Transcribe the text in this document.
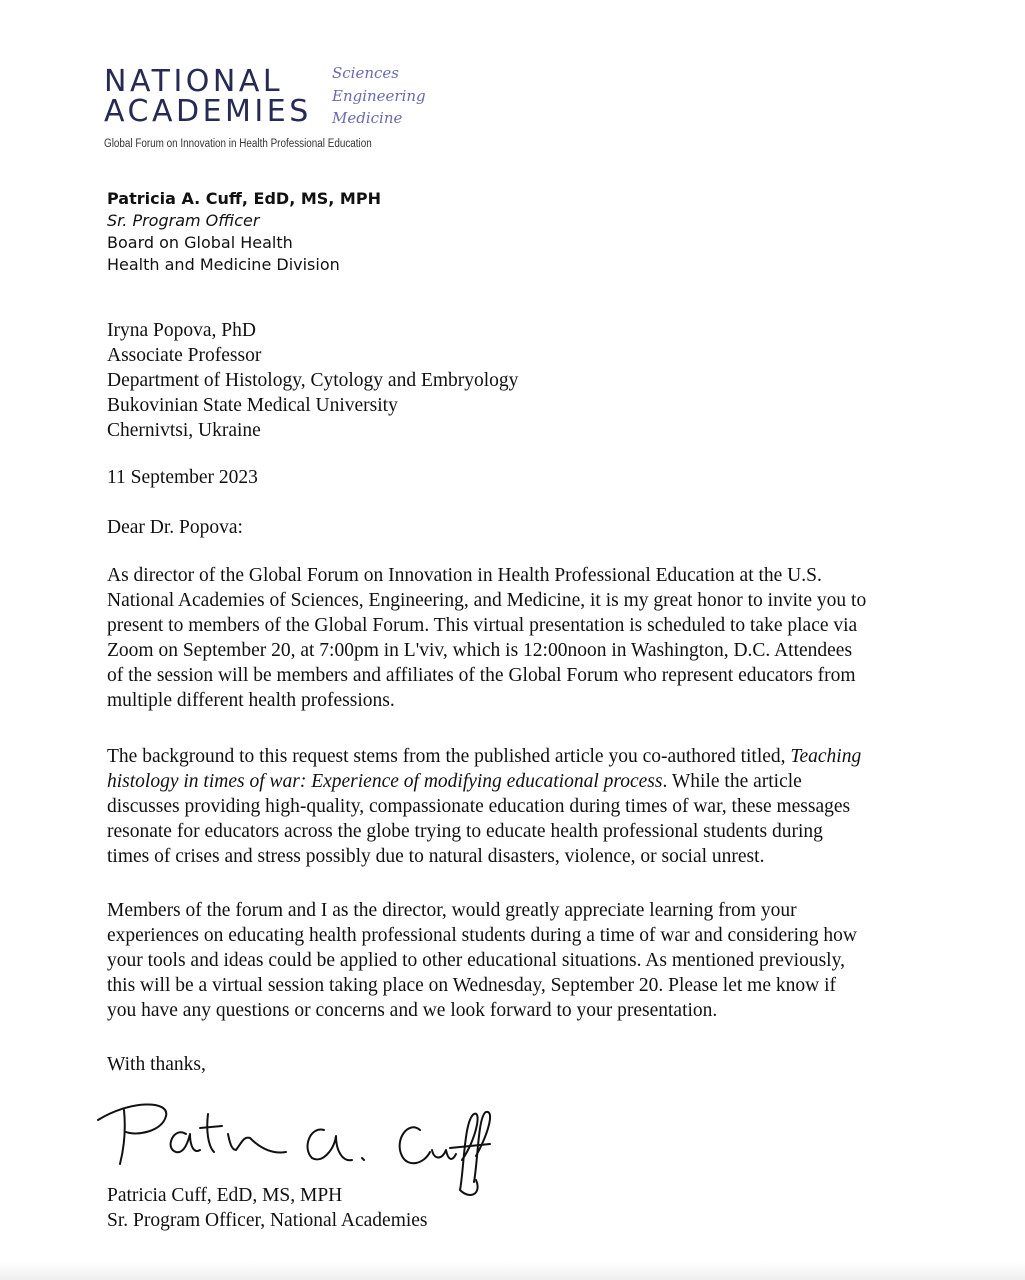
NATIONAL
ACADEMIES
Sciences
Engineering
Medicine
Global Forum on Innovation in Health Professional Education
Patricia A. Cuff, EdD, MS, MPH
Sr. Program Officer
Board on Global Health
Health and Medicine Division
Iryna Popova, PhD
Associate Professor
Department of Histology, Cytology and Embryology
Bukovinian State Medical University
Chernivtsi, Ukraine
11 September 2023
Dear Dr. Popova:
As director of the Global Forum on Innovation in Health Professional Education at the U.S.
National Academies of Sciences, Engineering, and Medicine, it is my great honor to invite you to
present to members of the Global Forum. This virtual presentation is scheduled to take place via
Zoom on September 20, at 7:00pm in L'viv, which is 12:00noon in Washington, D.C. Attendees
of the session will be members and affiliates of the Global Forum who represent educators from
multiple different health professions.
The background to this request stems from the published article you co-authored titled, Teaching
histology in times of war: Experience of modifying educational process. While the article
discusses providing high-quality, compassionate education during times of war, these messages
resonate for educators across the globe trying to educate health professional students during
times of crises and stress possibly due to natural disasters, violence, or social unrest.
Members of the forum and I as the director, would greatly appreciate learning from your
experiences on educating health professional students during a time of war and considering how
your tools and ideas could be applied to other educational situations. As mentioned previously,
this will be a virtual session taking place on Wednesday, September 20. Please let me know if
you have any questions or concerns and we look forward to your presentation.
With thanks,
Patricia Cuff, EdD, MS, MPH
Sr. Program Officer, National Academies
